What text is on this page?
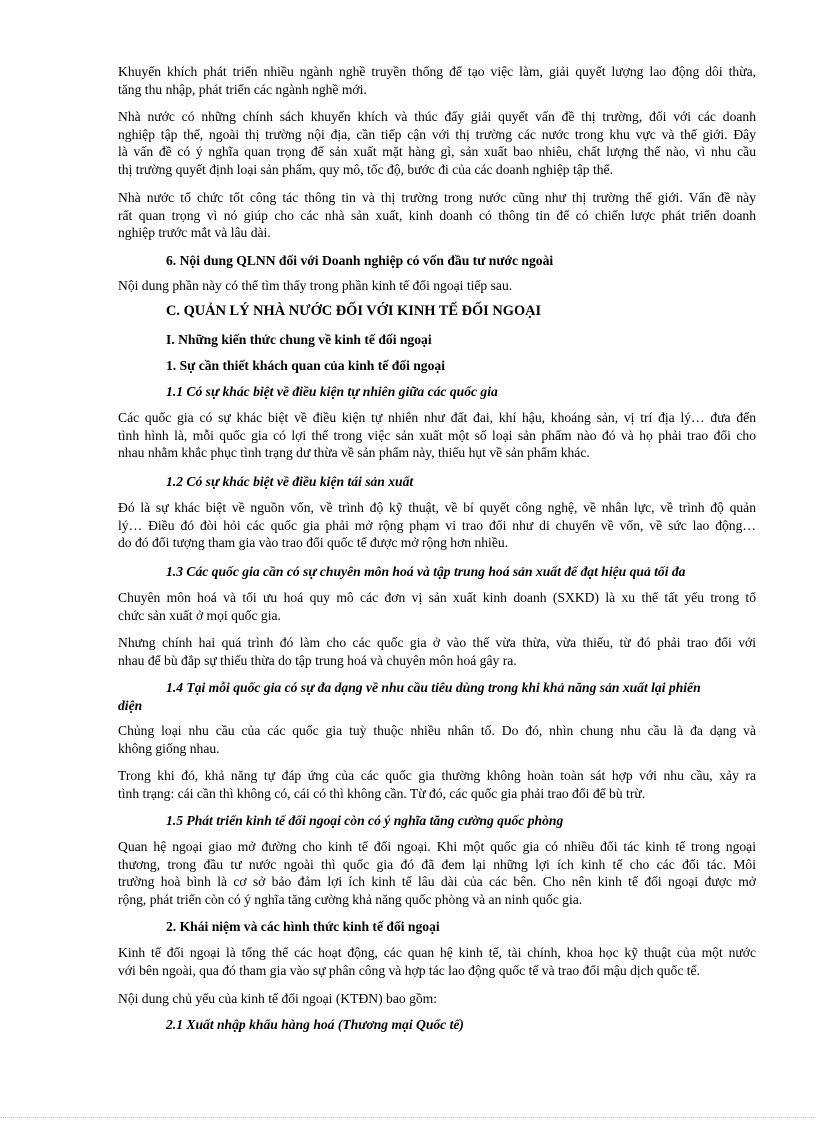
Khuyến khích phát triển nhiều ngành nghề truyền thống để tạo việc làm, giải quyết lượng lao động dôi thừa,
tăng thu nhập, phát triển các ngành nghề mới.
Nhà nước có những chính sách khuyến khích và thúc đẩy giải quyết vấn đề thị trường, đối với các doanh
nghiệp tập thể, ngoài thị trường nội địa, cần tiếp cận với thị trường các nước trong khu vực và thế giới. Đây
là vấn đề có ý nghĩa quan trọng để sản xuất mặt hàng gì, sản xuất bao nhiêu, chất lượng thế nào, vì nhu cầu
thị trường quyết định loại sản phẩm, quy mô, tốc độ, bước đi của các doanh nghiệp tập thể.
Nhà nước tổ chức tốt công tác thông tin và thị trường trong nước cũng như thị trường thế giới. Vấn đề này
rất quan trọng vì nó giúp cho các nhà sản xuất, kinh doanh có thông tin để có chiến lược phát triển doanh
nghiệp trước mắt và lâu dài.
6. Nội dung QLNN đối với Doanh nghiệp có vốn đầu tư nước ngoài
Nội dung phần này có thể tìm thấy trong phần kinh tế đối ngoại tiếp sau.
C. QUẢN LÝ NHÀ NƯỚC ĐỐI VỚI KINH TẾ ĐỐI NGOẠI
I. Những kiến thức chung về kinh tế đối ngoại
1. Sự cần thiết khách quan của kinh tế đối ngoại
1.1 Có sự khác biệt về điều kiện tự nhiên giữa các quốc gia
Các quốc gia có sự khác biệt về điều kiện tự nhiên như đất đai, khí hậu, khoáng sản, vị trí địa lý… đưa đến
tình hình là, mỗi quốc gia có lợi thế trong việc sản xuất một số loại sản phẩm nào đó và họ phải trao đổi cho
nhau nhằm khắc phục tình trạng dư thừa về sản phẩm này, thiếu hụt về sản phẩm khác.
1.2 Có sự khác biệt về điều kiện tái sản xuất
Đó là sự khác biệt về nguồn vốn, về trình độ kỹ thuật, về bí quyết công nghệ, về nhân lực, về trình độ quản
lý… Điều đó đòi hỏi các quốc gia phải mở rộng phạm vi trao đổi như di chuyển về vốn, về sức lao động…
do đó đối tượng tham gia vào trao đổi quốc tế được mở rộng hơn nhiều.
1.3 Các quốc gia cần có sự chuyên môn hoá và tập trung hoá sản xuất để đạt hiệu quả tối đa
Chuyên môn hoá và tối ưu hoá quy mô các đơn vị sản xuất kinh doanh (SXKD) là xu thế tất yếu trong tổ
chức sản xuất ở mọi quốc gia.
Nhưng chính hai quá trình đó làm cho các quốc gia ở vào thế vừa thừa, vừa thiếu, từ đó phải trao đổi với
nhau để bù đắp sự thiếu thừa do tập trung hoá và chuyên môn hoá gây ra.
1.4 Tại mỗi quốc gia có sự đa dạng về nhu cầu tiêu dùng trong khi khả năng sản xuất lại phiến
diện
Chủng loại nhu cầu của các quốc gia tuỳ thuộc nhiều nhân tố. Do đó, nhìn chung nhu cầu là đa dạng và
không giống nhau.
Trong khi đó, khả năng tự đáp ứng của các quốc gia thường không hoàn toàn sát hợp với nhu cầu, xảy ra
tình trạng: cái cần thì không có, cái có thì không cần. Từ đó, các quốc gia phải trao đổi để bù trừ.
1.5 Phát triển kinh tế đối ngoại còn có ý nghĩa tăng cường quốc phòng
Quan hệ ngoại giao mở đường cho kinh tế đối ngoại. Khi một quốc gia có nhiều đối tác kinh tế trong ngoại
thương, trong đầu tư nước ngoài thì quốc gia đó đã đem lại những lợi ích kinh tế cho các đối tác. Môi
trường hoà bình là cơ sở bảo đảm lợi ích kinh tế lâu dài của các bên. Cho nên kinh tế đối ngoại được mở
rộng, phát triển còn có ý nghĩa tăng cường khả năng quốc phòng và an ninh quốc gia.
2. Khái niệm và các hình thức kinh tế đối ngoại
Kinh tế đối ngoại là tổng thể các hoạt động, các quan hệ kinh tế, tài chính, khoa học kỹ thuật của một nước
với bên ngoài, qua đó tham gia vào sự phân công và hợp tác lao động quốc tế và trao đổi mậu dịch quốc tế.
Nội dung chủ yếu của kinh tế đối ngoại (KTĐN) bao gồm:
2.1 Xuất nhập khẩu hàng hoá (Thương mại Quốc tế)
